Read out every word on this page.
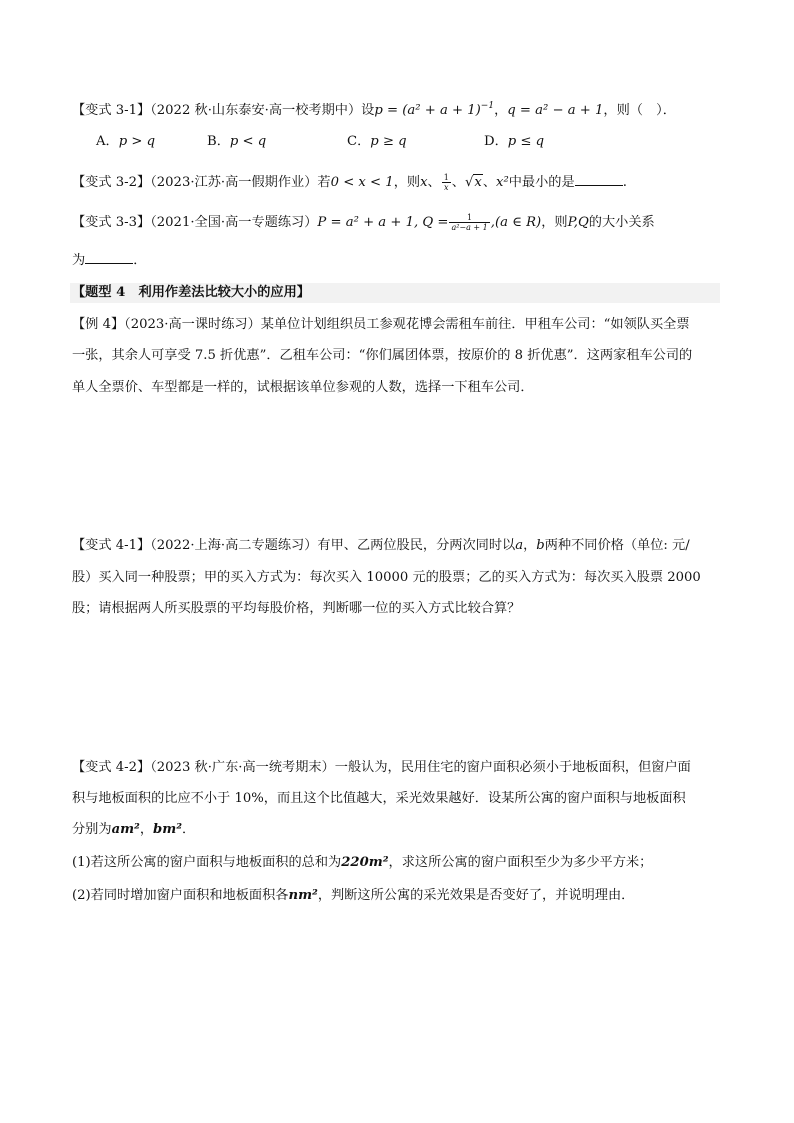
【变式 3-1】（2022 秋·山东泰安·高一校考期中）设$p = (a^2 + a + 1)^{-1}$，q = a² − a + 1，则（　）．
A．p > q	B．p < q	C．p ≥ q	D．p ≤ q
【变式 3-2】（2023·江苏·高一假期作业）若0 < x < 1，则x、 $\frac{1}{x}$ 、√x、x²中最小的是	.
【变式 3-3】（2021·全国·高一专题练习）P = a² + a + 1, $Q = \frac{1}{\text{a²−a + 1}} ,(a$ ∈ R)，则P,Q的大小关系
为	．
【题型 4　利用作差法比较大小的应用】
【例 4】（2023·高一课时练习）某单位计划组织员工参观花博会需租车前往．甲租车公司：“如领队买全票
一张，其余人可享受 7.5 折优惠”．乙租车公司：“你们属团体票，按原价的 8 折优惠”．这两家租车公司的
单人全票价、车型都是一样的，试根据该单位参观的人数，选择一下租车公司．
【变式 4-1】（2022·上海·高二专题练习）有甲、乙两位股民，分两次同时以a，b两种不同价格（单位: 元/
股）买入同一种股票；甲的买入方式为：每次买入 10000 元的股票；乙的买入方式为：每次买入股票 2000
股；请根据两人所买股票的平均每股价格，判断哪一位的买入方式比较合算？
【变式 4-2】（2023 秋·广东·高一统考期末）一般认为，民用住宅的窗户面积必须小于地板面积，但窗户面
积与地板面积的比应不小于 10%，而且这个比值越大，采光效果越好．设某所公寓的窗户面积与地板面积
分别为am²，bm²．
(1)若这所公寓的窗户面积与地板面积的总和为220m²，求这所公寓的窗户面积至少为多少平方米；
(2)若同时增加窗户面积和地板面积各nm²，判断这所公寓的采光效果是否变好了，并说明理由．
